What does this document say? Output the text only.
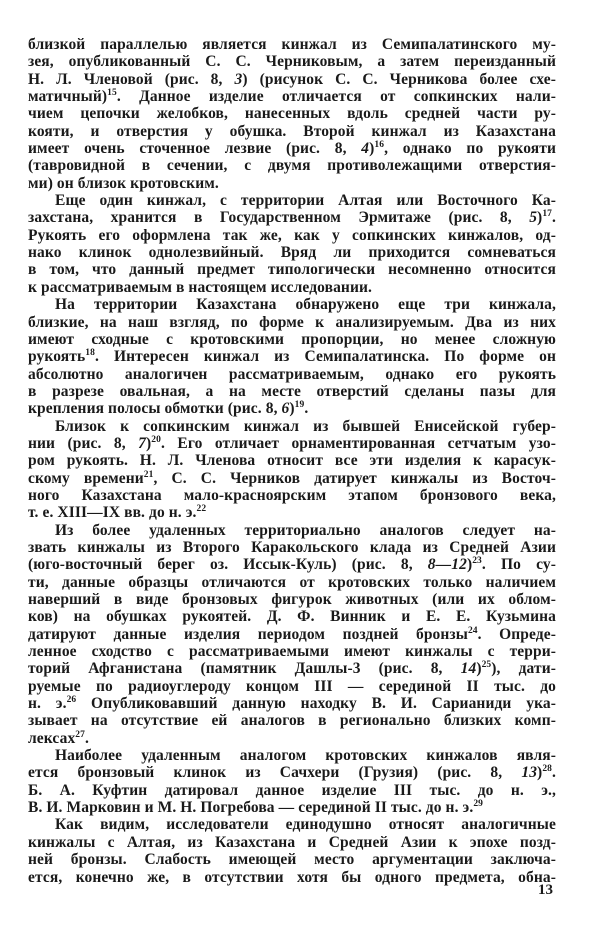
близкой параллелью является кинжал из Семипалатинского му-
зея, опубликованный С. С. Черниковым, а затем переизданный
Н. Л. Членовой (рис. 8, 3) (рисунок С. С. Черникова более схе-
матичный)$^{15}$. Данное изделие отличается от сопкинских нали-
чием цепочки желобков, нанесенных вдоль средней части ру-
кояти, и отверстия у обушка. Второй кинжал из Казахстана
имеет очень сточенное лезвие (рис. 8, 4)$^{16}$, однако по рукояти
(тавровидной в сечении, с двумя противолежащими отверстия-
ми) он близок кротовским.
Еще один кинжал, с территории Алтая или Восточного Ка-
захстана, хранится в Государственном Эрмитаже (рис. 8, 5)$^{17}$.
Рукоять его оформлена так же, как у сопкинских кинжалов, од-
нако клинок однолезвийный. Вряд ли приходится сомневаться
в том, что данный предмет типологически несомненно относится
к рассматриваемым в настоящем исследовании.
На территории Казахстана обнаружено еще три кинжала,
близкие, на наш взгляд, по форме к анализируемым. Два из них
имеют сходные с кротовскими пропорции, но менее сложную
рукоять$^{18}$. Интересен кинжал из Семипалатинска. По форме он
абсолютно аналогичен рассматриваемым, однако его рукоять
в разрезе овальная, а на месте отверстий сделаны пазы для
крепления полосы обмотки (рис. 8, 6)$^{19}$.
Близок к сопкинским кинжал из бывшей Енисейской губер-
нии (рис. 8, 7)$^{20}$. Его отличает орнаментированная сетчатым узо-
ром рукоять. Н. Л. Членова относит все эти изделия к карасук-
скому времени$^{21}$, С. С. Черников датирует кинжалы из Восточ-
ного Казахстана мало-красноярским этапом бронзового века,
т. е. XIII—IX вв. до н. э.$^{22}$
Из более удаленных территориально аналогов следует на-
звать кинжалы из Второго Каракольского клада из Средней Азии
(юго-восточный берег оз. Иссык-Куль) (рис. 8, 8—12)$^{23}$. По су-
ти, данные образцы отличаются от кротовских только наличием
наверший в виде бронзовых фигурок животных (или их облом-
ков) на обушках рукоятей. Д. Ф. Винник и Е. Е. Кузьмина
датируют данные изделия периодом поздней бронзы$^{24}$. Опреде-
ленное сходство с рассматриваемыми имеют кинжалы с терри-
торий Афганистана (памятник Дашлы-3 (рис. 8, 14)$^{25}$), дати-
руемые по радиоуглероду концом III — серединой II тыс. до
н. э.$^{26}$ Опубликовавший данную находку В. И. Сарианиди ука-
зывает на отсутствие ей аналогов в регионально близких комп-
лексах$^{27}$.
Наиболее удаленным аналогом кротовских кинжалов явля-
ется бронзовый клинок из Сачхери (Грузия) (рис. 8, 13)$^{28}$.
Б. А. Куфтин датировал данное изделие III тыс. до н. э.,
В. И. Марковин и М. Н. Погребова — серединой II тыс. до н. э.$^{29}$
Как видим, исследователи единодушно относят аналогичные
кинжалы с Алтая, из Казахстана и Средней Азии к эпохе позд-
ней бронзы. Слабость имеющей место аргументации заключа-
ется, конечно же, в отсутствии хотя бы одного предмета, обна-
13
